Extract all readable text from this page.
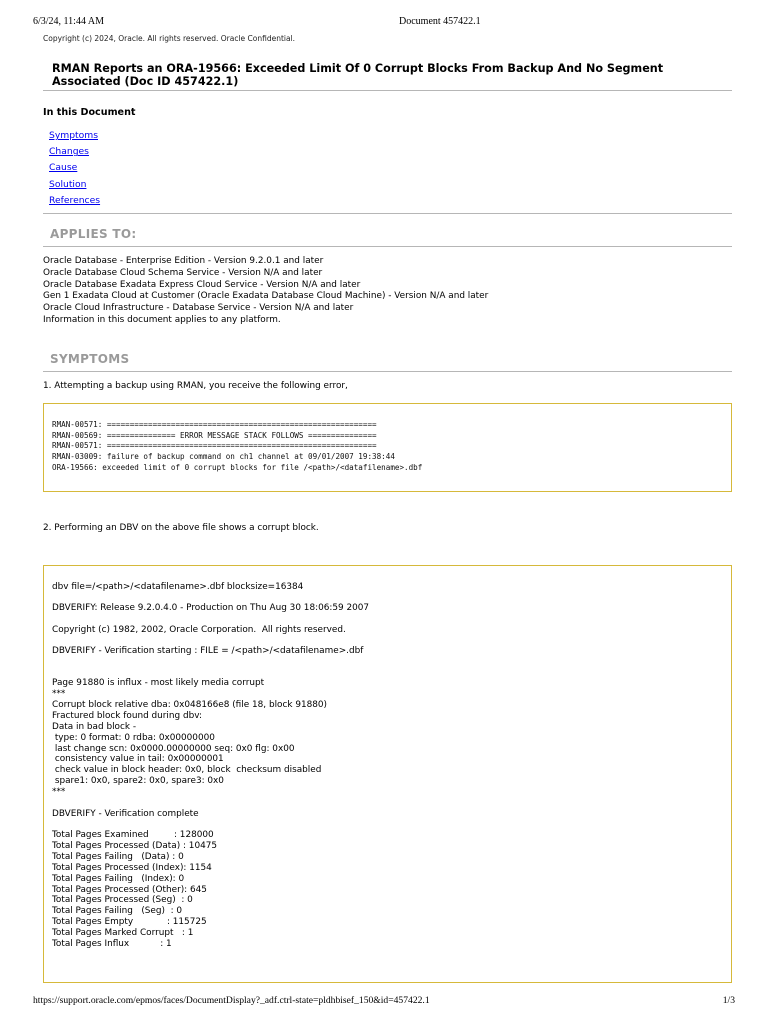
6/3/24, 11:44 AM	Document 457422.1
Copyright (c) 2024, Oracle. All rights reserved. Oracle Confidential.
RMAN Reports an ORA-19566: Exceeded Limit Of 0 Corrupt Blocks From Backup And No Segment Associated (Doc ID 457422.1)
In this Document
Symptoms
Changes
Cause
Solution
References
APPLIES TO:
Oracle Database - Enterprise Edition - Version 9.2.0.1 and later
Oracle Database Cloud Schema Service - Version N/A and later
Oracle Database Exadata Express Cloud Service - Version N/A and later
Gen 1 Exadata Cloud at Customer (Oracle Exadata Database Cloud Machine) - Version N/A and later
Oracle Cloud Infrastructure - Database Service - Version N/A and later
Information in this document applies to any platform.
SYMPTOMS
1. Attempting a backup using RMAN, you receive the following error,
RMAN-00571: ===========================================================
RMAN-00569: =============== ERROR MESSAGE STACK FOLLOWS ===============
RMAN-00571: ===========================================================
RMAN-03009: failure of backup command on ch1 channel at 09/01/2007 19:38:44
ORA-19566: exceeded limit of 0 corrupt blocks for file /<path>/<datafilename>.dbf
2. Performing an DBV on the above file shows a corrupt block.
dbv file=/<path>/<datafilename>.dbf blocksize=16384
DBVERIFY: Release 9.2.0.4.0 - Production on Thu Aug 30 18:06:59 2007
Copyright (c) 1982, 2002, Oracle Corporation.  All rights reserved.
DBVERIFY - Verification starting : FILE = /<path>/<datafilename>.dbf
Page 91880 is influx - most likely media corrupt
***
Corrupt block relative dba: 0x048166e8 (file 18, block 91880)
Fractured block found during dbv:
Data in bad block -
type: 0 format: 0 rdba: 0x00000000
last change scn: 0x0000.00000000 seq: 0x0 flg: 0x00
consistency value in tail: 0x00000001
check value in block header: 0x0, block  checksum disabled
spare1: 0x0, spare2: 0x0, spare3: 0x0
***
DBVERIFY - Verification complete
Total Pages Examined         : 128000
Total Pages Processed (Data) : 10475
Total Pages Failing   (Data) : 0
Total Pages Processed (Index): 1154
Total Pages Failing   (Index): 0
Total Pages Processed (Other): 645
Total Pages Processed (Seg)  : 0
Total Pages Failing   (Seg)  : 0
Total Pages Empty            : 115725
Total Pages Marked Corrupt   : 1
Total Pages Influx           : 1
https://support.oracle.com/epmos/faces/DocumentDisplay?_adf.ctrl-state=pldhbisef_150&id=457422.1	1/3
